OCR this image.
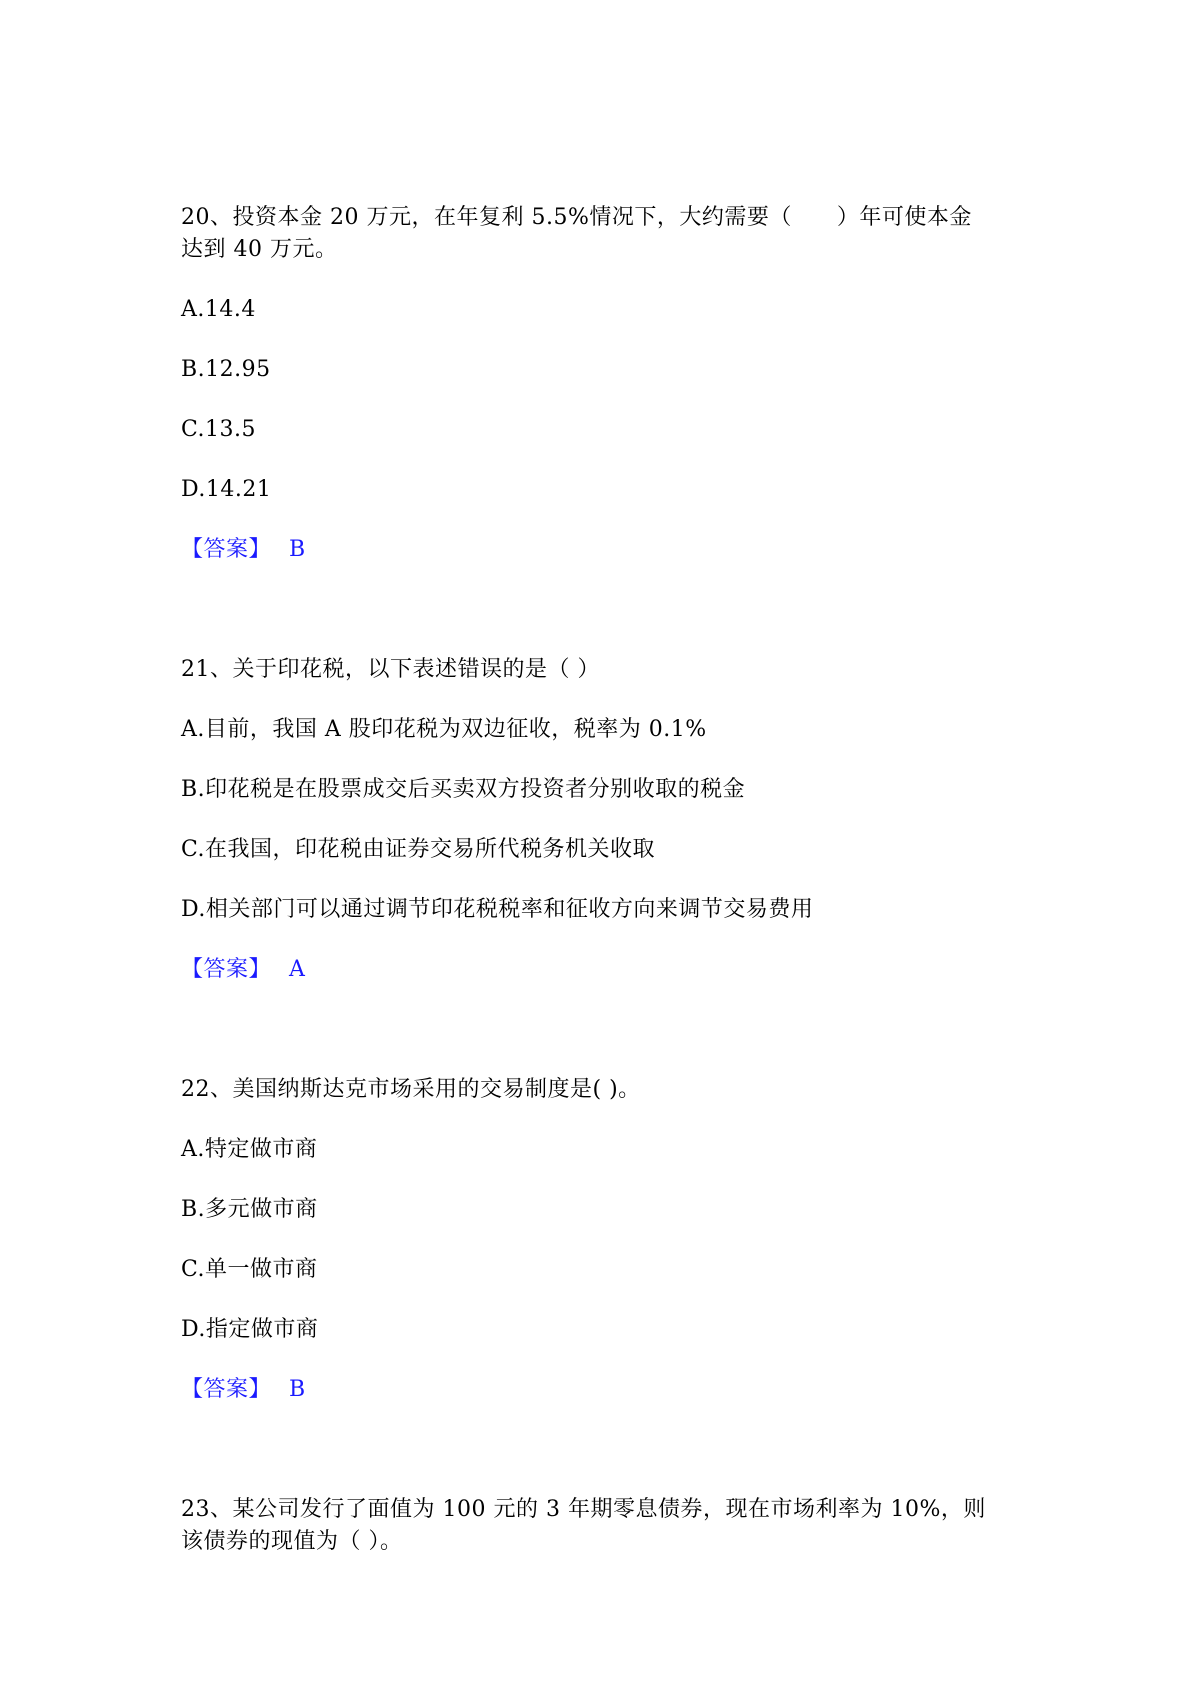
20、投资本金 20 万元，在年复利 5.5%情况下，大约需要（　　）年可使本金
达到 40 万元。
A.14.4
B.12.95
C.13.5
D.14.21
【答案】 B
21、关于印花税，以下表述错误的是（ ）
A.目前，我国 A 股印花税为双边征收，税率为 0.1%
B.印花税是在股票成交后买卖双方投资者分别收取的税金
C.在我国，印花税由证券交易所代税务机关收取
D.相关部门可以通过调节印花税税率和征收方向来调节交易费用
【答案】 A
22、美国纳斯达克市场采用的交易制度是( )。
A.特定做市商
B.多元做市商
C.单一做市商
D.指定做市商
【答案】 B
23、某公司发行了面值为 100 元的 3 年期零息债券，现在市场利率为 10%，则
该债券的现值为（ ）。
